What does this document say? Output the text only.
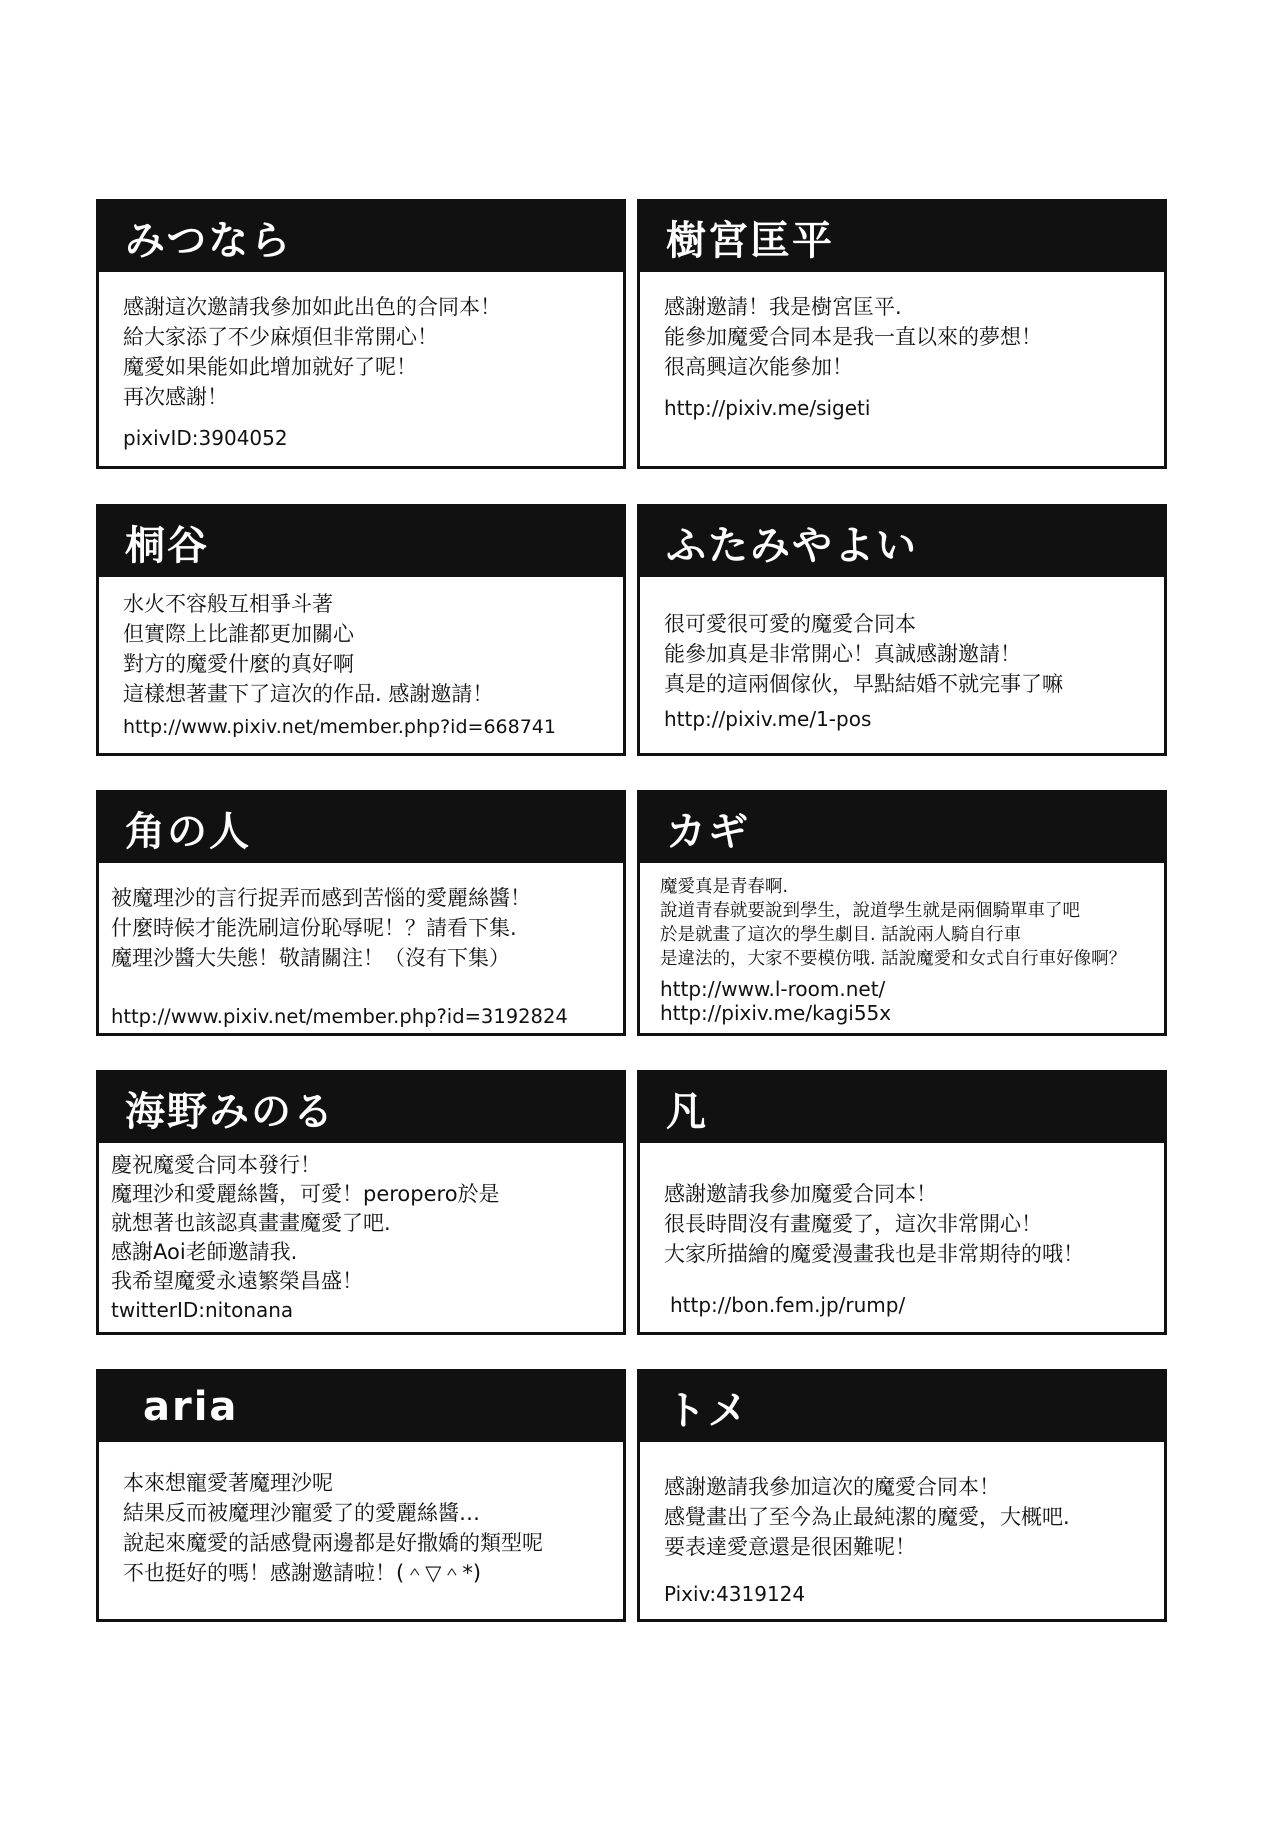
みつなら
感謝這次邀請我參加如此出色的合同本！
給大家添了不少麻煩但非常開心！
魔愛如果能如此增加就好了呢！
再次感謝！
pixivID:3904052
樹宮匡平
感謝邀請！我是樹宮匡平.
能參加魔愛合同本是我一直以來的夢想！
很高興這次能參加！
http://pixiv.me/sigeti
桐谷
水火不容般互相爭斗著
但實際上比誰都更加關心
對方的魔愛什麼的真好啊
這樣想著畫下了這次的作品. 感謝邀請！
http://www.pixiv.net/member.php?id=668741
ふたみやよい
很可愛很可愛的魔愛合同本
能參加真是非常開心！真誠感謝邀請！
真是的這兩個傢伙，早點結婚不就完事了嘛
http://pixiv.me/1-pos
角の人
被魔理沙的言行捉弄而感到苦惱的愛麗絲醬！
什麼時候才能洗刷這份恥辱呢！？請看下集.
魔理沙醬大失態！敬請關注！（沒有下集）
http://www.pixiv.net/member.php?id=3192824
カギ
魔愛真是青春啊.
說道青春就要說到學生，說道學生就是兩個騎單車了吧
於是就畫了這次的學生劇目. 話說兩人騎自行車
是違法的，大家不要模仿哦. 話說魔愛和女式自行車好像啊？
http://www.l-room.net/
http://pixiv.me/kagi55x
海野みのる
慶祝魔愛合同本發行！
魔理沙和愛麗絲醬，可愛！peropero於是
就想著也該認真畫畫魔愛了吧.
感謝Aoi老師邀請我.
我希望魔愛永遠繁榮昌盛！
twitterID:nitonana
凡
感謝邀請我參加魔愛合同本！
很長時間沒有畫魔愛了，這次非常開心！
大家所描繪的魔愛漫畫我也是非常期待的哦！
http://bon.fem.jp/rump/
aria
本來想寵愛著魔理沙呢
結果反而被魔理沙寵愛了的愛麗絲醬…
說起來魔愛的話感覺兩邊都是好撒嬌的類型呢
不也挺好的嗎！感謝邀請啦！(＾▽＾*)
トメ
感謝邀請我參加這次的魔愛合同本！
感覺畫出了至今為止最純潔的魔愛，大概吧.
要表達愛意還是很困難呢！
Pixiv:4319124
